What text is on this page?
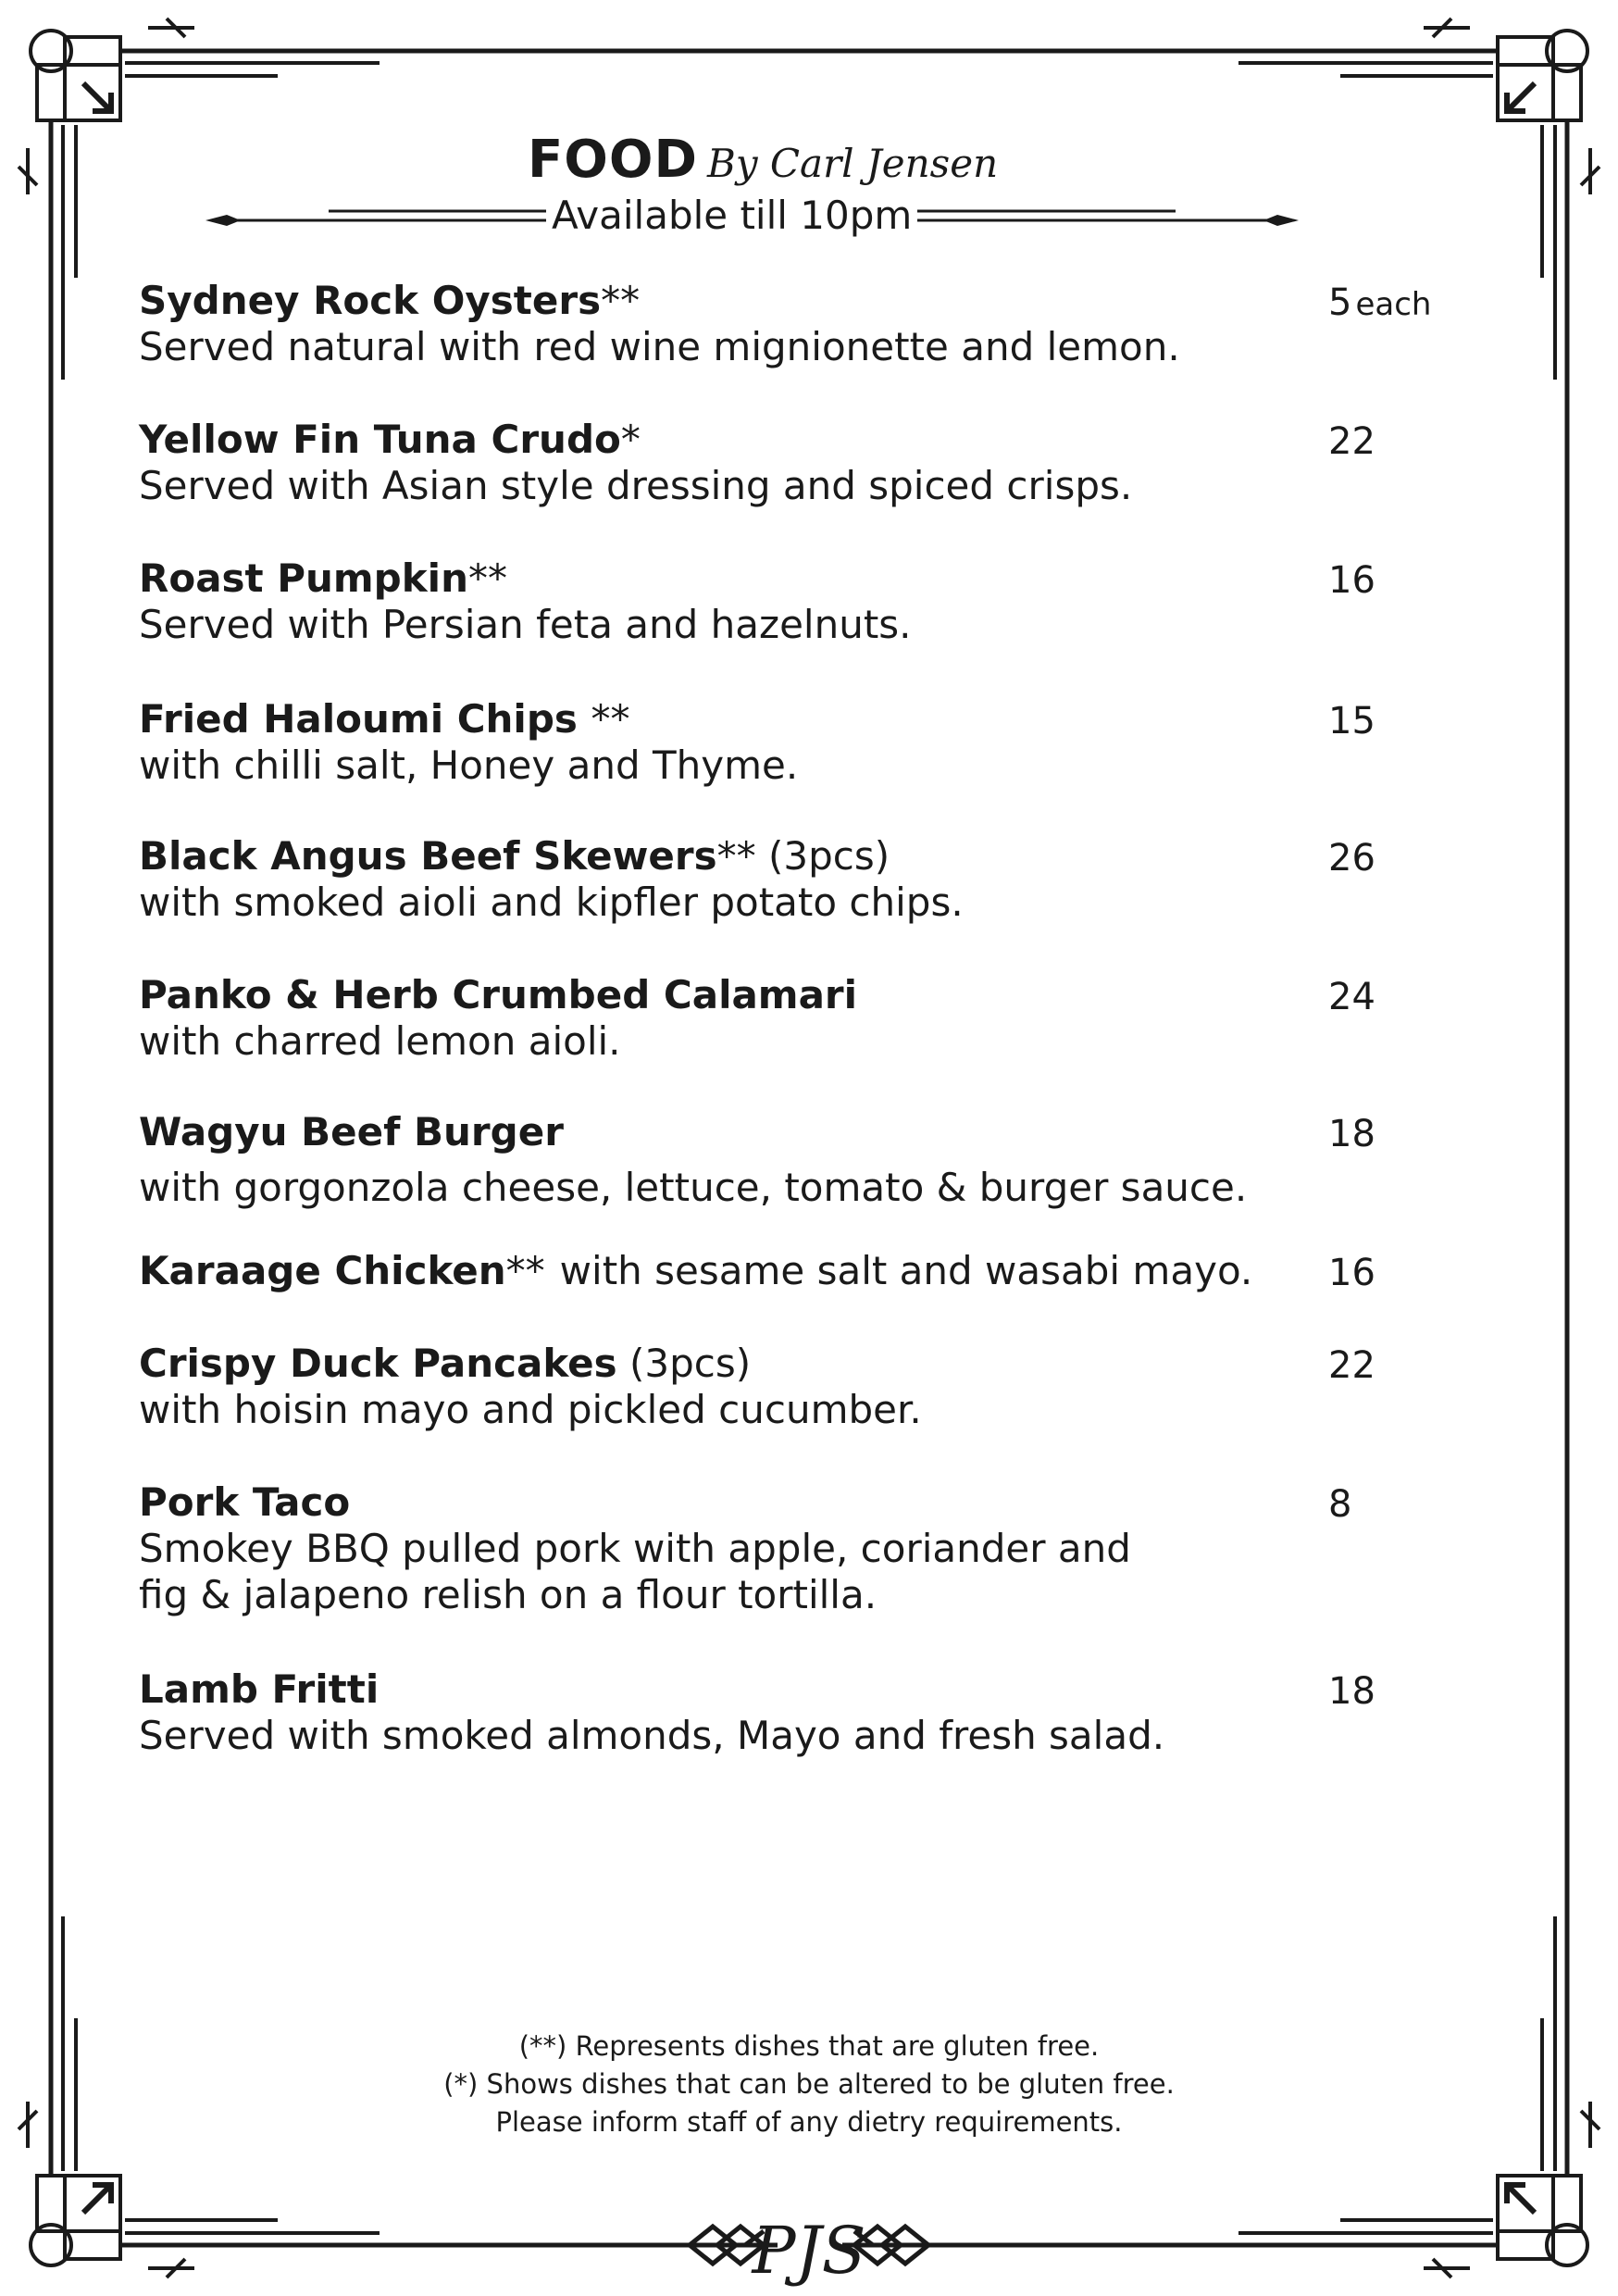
PJS
FOOD By Carl Jensen
Available till 10pm
Sydney Rock Oysters**
Served natural with red wine mignionette and lemon.
5 each
Yellow Fin Tuna Crudo*
Served with Asian style dressing and spiced crisps.
22
Roast Pumpkin**
Served with Persian feta and hazelnuts.
16
Fried Haloumi Chips **
with chilli salt, Honey and Thyme.
15
Black Angus Beef Skewers** (3pcs)
with smoked aioli and kipfler potato chips.
26
Panko & Herb Crumbed Calamari
with charred lemon aioli.
24
Wagyu Beef Burger
with gorgonzola cheese, lettuce, tomato & burger sauce.
18
Karaage Chicken** with sesame salt and wasabi mayo.	16
Crispy Duck Pancakes (3pcs)
with hoisin mayo and pickled cucumber.
22
Pork Taco
Smokey BBQ pulled pork with apple, coriander and
fig & jalapeno relish on a flour tortilla.
8
Lamb Fritti
Served with smoked almonds, Mayo and fresh salad.
18
(**) Represents dishes that are gluten free.
(*) Shows dishes that can be altered to be gluten free.
Please inform staff of any dietry requirements.
